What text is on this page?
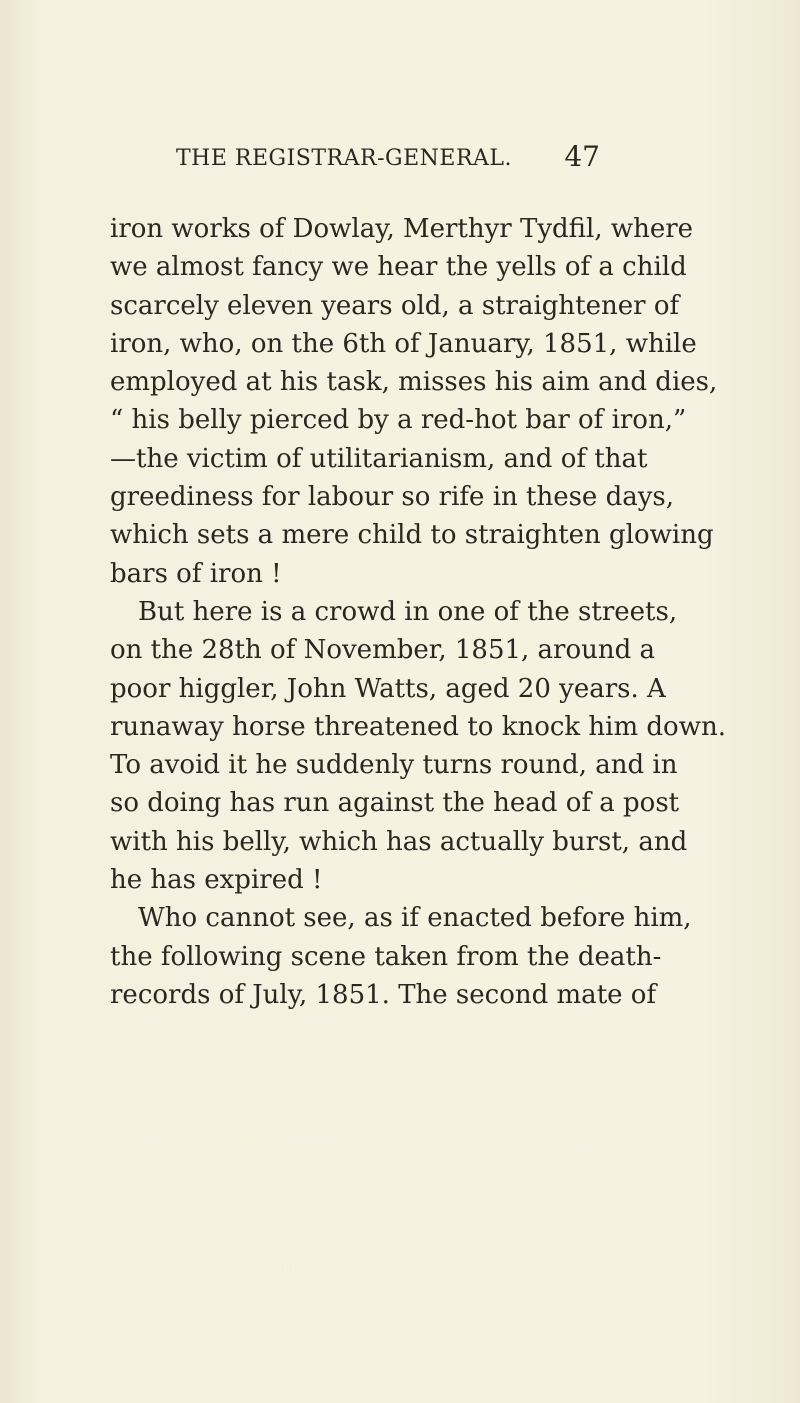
THE REGISTRAR-GENERAL. 47
iron works of Dowlay, Merthyr Tydfil, where
we almost fancy we hear the yells of a child
scarcely eleven years old, a straightener of
iron, who, on the 6th of January, 1851, while
employed at his task, misses his aim and dies,
“ his belly pierced by a red-hot bar of iron,”
—the victim of utilitarianism, and of that
greediness for labour so rife in these days,
which sets a mere child to straighten glowing
bars of iron !
But here is a crowd in one of the streets,
on the 28th of November, 1851, around a
poor higgler, John Watts, aged 20 years. A
runaway horse threatened to knock him down.
To avoid it he suddenly turns round, and in
so doing has run against the head of a post
with his belly, which has actually burst, and
he has expired !
Who cannot see, as if enacted before him,
the following scene taken from the death-
records of July, 1851. The second mate of
